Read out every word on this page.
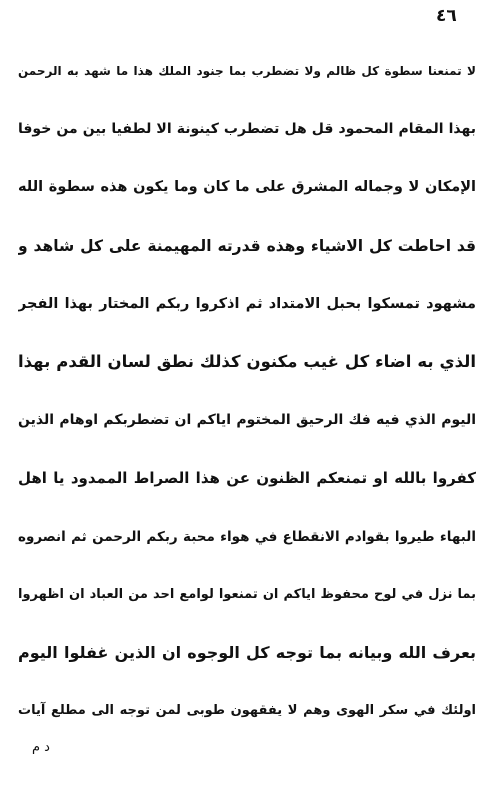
٤٦
لا تمنعنا سطوة كل ظالم ولا تضطرب بما جنود الملك هذا ما شهد به الرحمن
بهذا المقام المحمود قل هل تضطرب كينونة الا لطفيا بين من خوفا
الإمكان لا وجماله المشرق على ما كان وما يكون هذه سطوة الله
قد احاطت كل الاشياء وهذه قدرته المهيمنة على كل شاهد و
مشهود تمسكوا بحبل الامتداد ثم اذكروا ربكم المختار بهذا الفجر
الذي به اضاء كل غيب مكنون كذلك نطق لسان القدم بهذا
اليوم الذي فيه فك الرحيق المختوم اياكم ان تضطربكم اوهام الذين
كفروا بالله او تمنعكم الظنون عن هذا الصراط الممدود يا اهل
البهاء طيروا بقوادم الانقطاع في هواء محبة ربكم الرحمن ثم انصروه
بما نزل في لوح محفوظ اياكم ان تمنعوا لوامع احد من العباد ان اظهروا
بعرف الله وبيانه بما توجه كل الوجوه ان الذين غفلوا اليوم
اولئك في سكر الهوى وهم لا يفقهون طوبى لمن توجه الى مطلع آيات
د م
